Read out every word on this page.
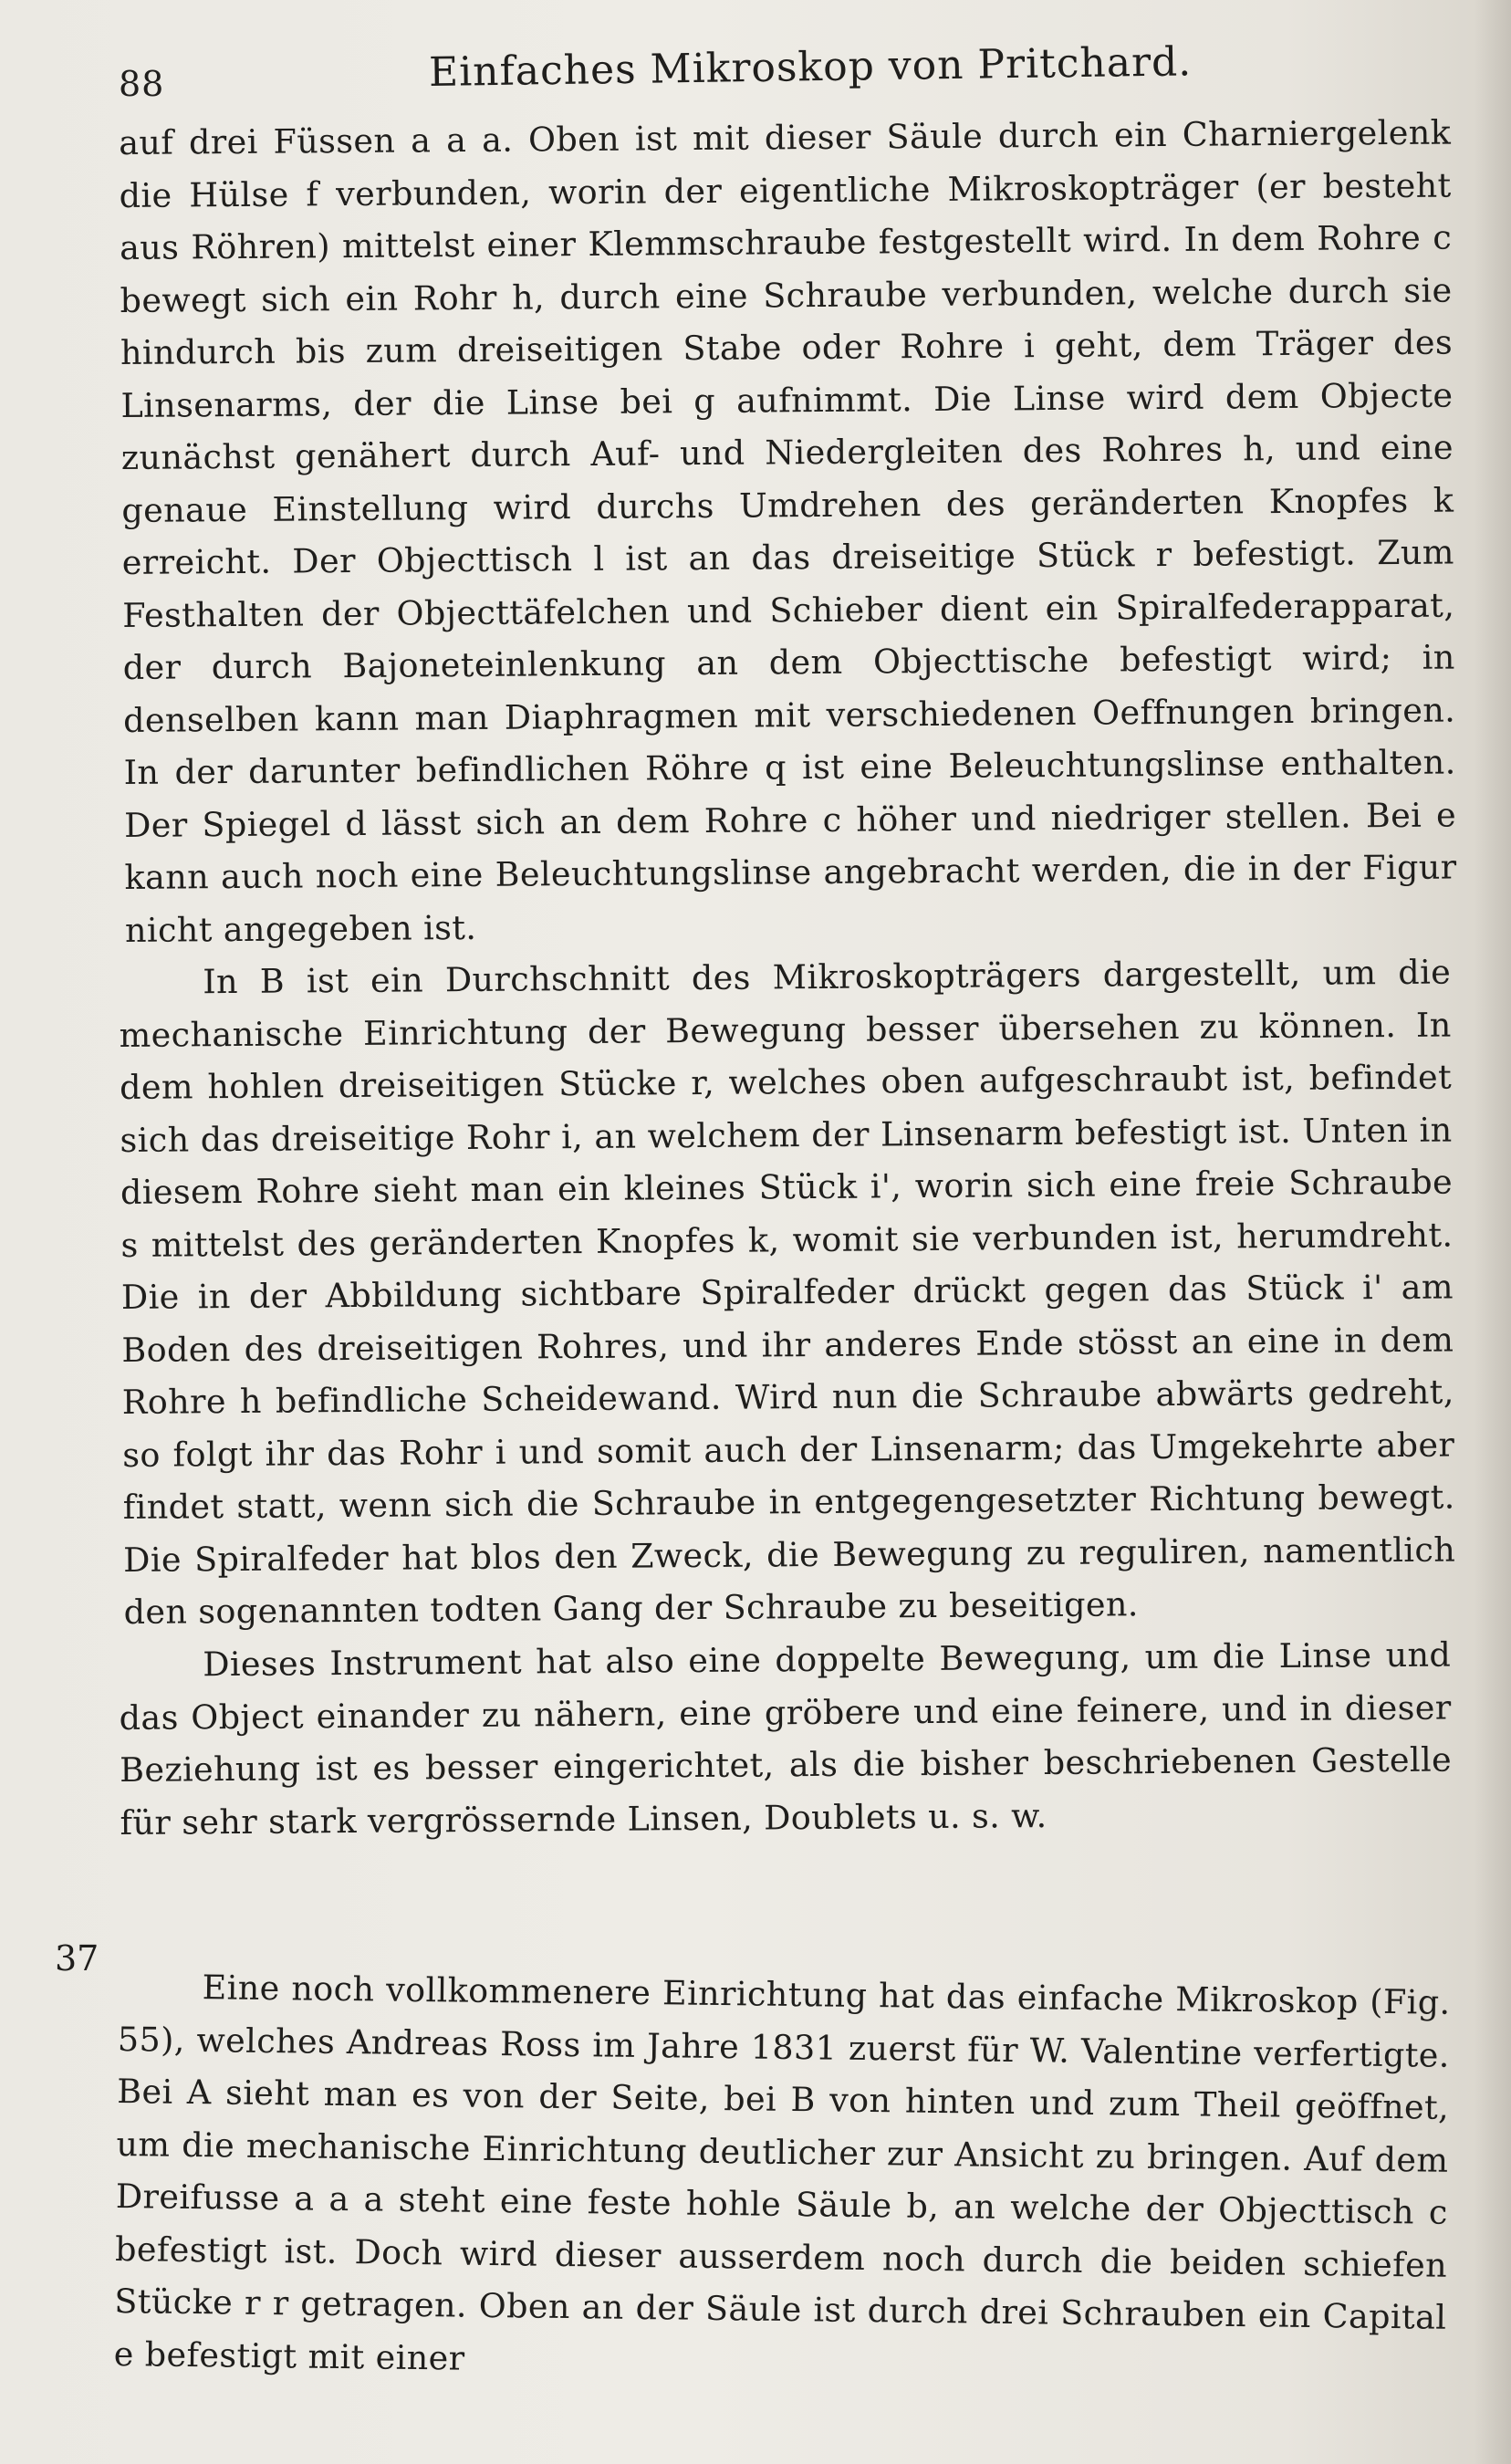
88	Einfaches Mikroskop von Pritchard.

auf drei Füssen a a a. Oben ist mit dieser Säule durch ein Charniergelenk die Hülse f verbunden, worin der eigentliche Mikroskopträger (er besteht aus Röhren) mittelst einer Klemmschraube festgestellt wird. In dem Rohre c bewegt sich ein Rohr h, durch eine Schraube verbunden, welche durch sie hindurch bis zum dreiseitigen Stabe oder Rohre i geht, dem Träger des Linsenarms, der die Linse bei g aufnimmt. Die Linse wird dem Objecte zunächst genähert durch Auf- und Niedergleiten des Rohres h, und eine genaue Einstellung wird durchs Umdrehen des geränderten Knopfes k erreicht. Der Objecttisch l ist an das dreiseitige Stück r befestigt. Zum Festhalten der Objecttäfelchen und Schieber dient ein Spiralfederapparat, der durch Bajoneteinlenkung an dem Objecttische befestigt wird; in denselben kann man Diaphragmen mit verschiedenen Oeffnungen bringen. In der darunter befindlichen Röhre q ist eine Beleuchtungslinse enthalten. Der Spiegel d lässt sich an dem Rohre c höher und niedriger stellen. Bei e kann auch noch eine Beleuchtungslinse angebracht werden, die in der Figur nicht angegeben ist.

In B ist ein Durchschnitt des Mikroskopträgers dargestellt, um die mechanische Einrichtung der Bewegung besser übersehen zu können. In dem hohlen dreiseitigen Stücke r, welches oben aufgeschraubt ist, befindet sich das dreiseitige Rohr i, an welchem der Linsenarm befestigt ist. Unten in diesem Rohre sieht man ein kleines Stück i', worin sich eine freie Schraube s mittelst des geränderten Knopfes k, womit sie verbunden ist, herumdreht. Die in der Abbildung sichtbare Spiralfeder drückt gegen das Stück i' am Boden des dreiseitigen Rohres, und ihr anderes Ende stösst an eine in dem Rohre h befindliche Scheidewand. Wird nun die Schraube abwärts gedreht, so folgt ihr das Rohr i und somit auch der Linsenarm; das Umgekehrte aber findet statt, wenn sich die Schraube in entgegengesetzter Richtung bewegt. Die Spiralfeder hat blos den Zweck, die Bewegung zu reguliren, namentlich den sogenannten todten Gang der Schraube zu beseitigen.

Dieses Instrument hat also eine doppelte Bewegung, um die Linse und das Object einander zu nähern, eine gröbere und eine feinere, und in dieser Beziehung ist es besser eingerichtet, als die bisher beschriebenen Gestelle für sehr stark vergrössernde Linsen, Doublets u. s. w.

37

Eine noch vollkommenere Einrichtung hat das einfache Mikroskop (Fig. 55), welches Andreas Ross im Jahre 1831 zuerst für W. Valentine verfertigte. Bei A sieht man es von der Seite, bei B von hinten und zum Theil geöffnet, um die mechanische Einrichtung deutlicher zur Ansicht zu bringen. Auf dem Dreifusse a a a steht eine feste hohle Säule b, an welche der Objecttisch c befestigt ist. Doch wird dieser ausserdem noch durch die beiden schiefen Stücke r r getragen. Oben an der Säule ist durch drei Schrauben ein Capital e befestigt mit einer
